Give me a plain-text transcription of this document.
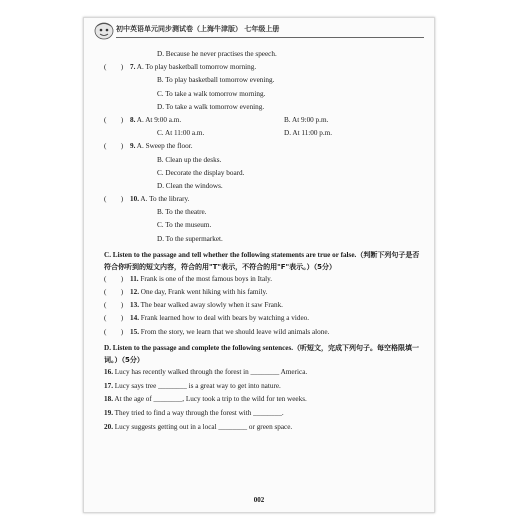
初中英语单元同步测试卷（上海牛津版） 七年级上册
D. Because he never practises the speech.
(　　) 7. A. To play basketball tomorrow morning.
B. To play basketball tomorrow evening.
C. To take a walk tomorrow morning.
D. To take a walk tomorrow evening.
(　　) 8. A. At 9:00 a.m.	B. At 9:00 p.m.
C. At 11:00 a.m.	D. At 11:00 p.m.
(　　) 9. A. Sweep the floor.
B. Clean up the desks.
C. Decorate the display board.
D. Clean the windows.
(　　) 10. A. To the library.
B. To the theatre.
C. To the museum.
D. To the supermarket.
C. Listen to the passage and tell whether the following statements are true or false.（判断下列句子是否符合你听到的短文内容，符合的用"T"表示，不符合的用"F"表示。）（5分）
(　　) 11. Frank is one of the most famous boys in Italy.
(　　) 12. One day, Frank went hiking with his family.
(　　) 13. The bear walked away slowly when it saw Frank.
(　　) 14. Frank learned how to deal with bears by watching a video.
(　　) 15. From the story, we learn that we should leave wild animals alone.
D. Listen to the passage and complete the following sentences.（听短文，完成下列句子。每空格限填一词。）（5分）
16. Lucy has recently walked through the forest in ________ America.
17. Lucy says tree ________ is a great way to get into nature.
18. At the age of ________, Lucy took a trip to the wild for ten weeks.
19. They tried to find a way through the forest with ________.
20. Lucy suggests getting out in a local ________ or green space.
002
